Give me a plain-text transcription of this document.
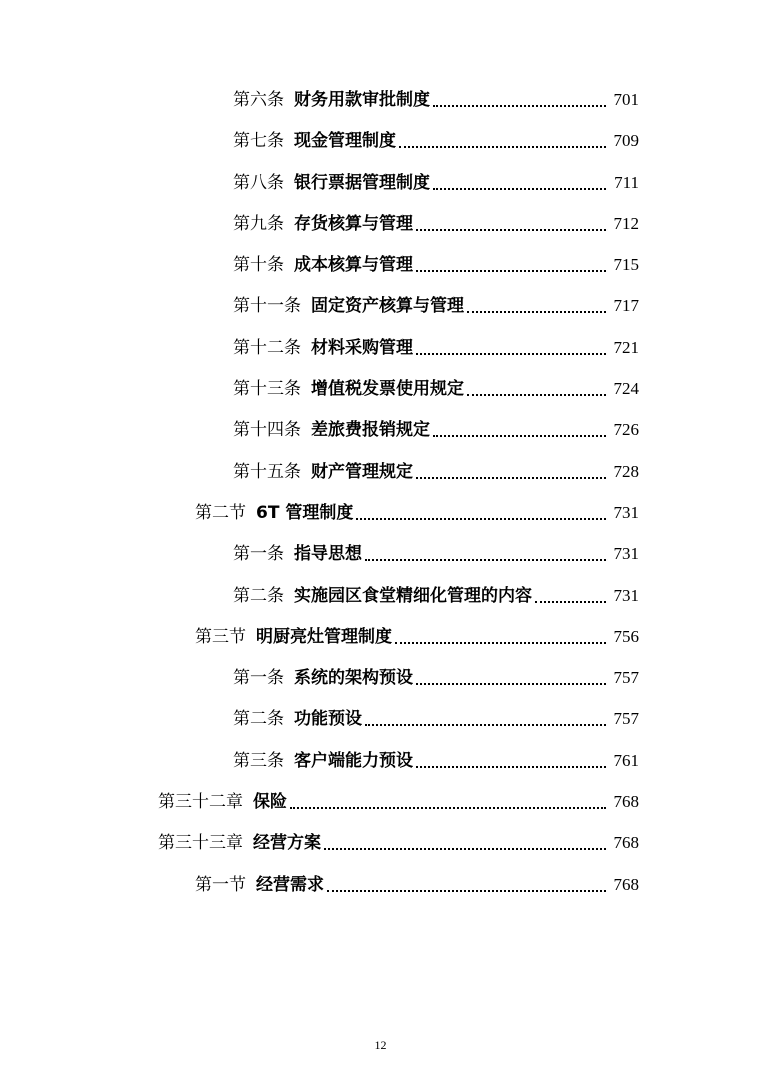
第六条 财务用款审批制度	701
第七条 现金管理制度	709
第八条 银行票据管理制度	711
第九条 存货核算与管理	712
第十条 成本核算与管理	715
第十一条 固定资产核算与管理	717
第十二条 材料采购管理	721
第十三条 增值税发票使用规定	724
第十四条 差旅费报销规定	726
第十五条 财产管理规定	728
第二节 6T 管理制度	731
第一条 指导思想	731
第二条 实施园区食堂精细化管理的内容	731
第三节 明厨亮灶管理制度	756
第一条 系统的架构预设	757
第二条 功能预设	757
第三条 客户端能力预设	761
第三十二章 保险	768
第三十三章 经营方案	768
第一节 经营需求	768
12
